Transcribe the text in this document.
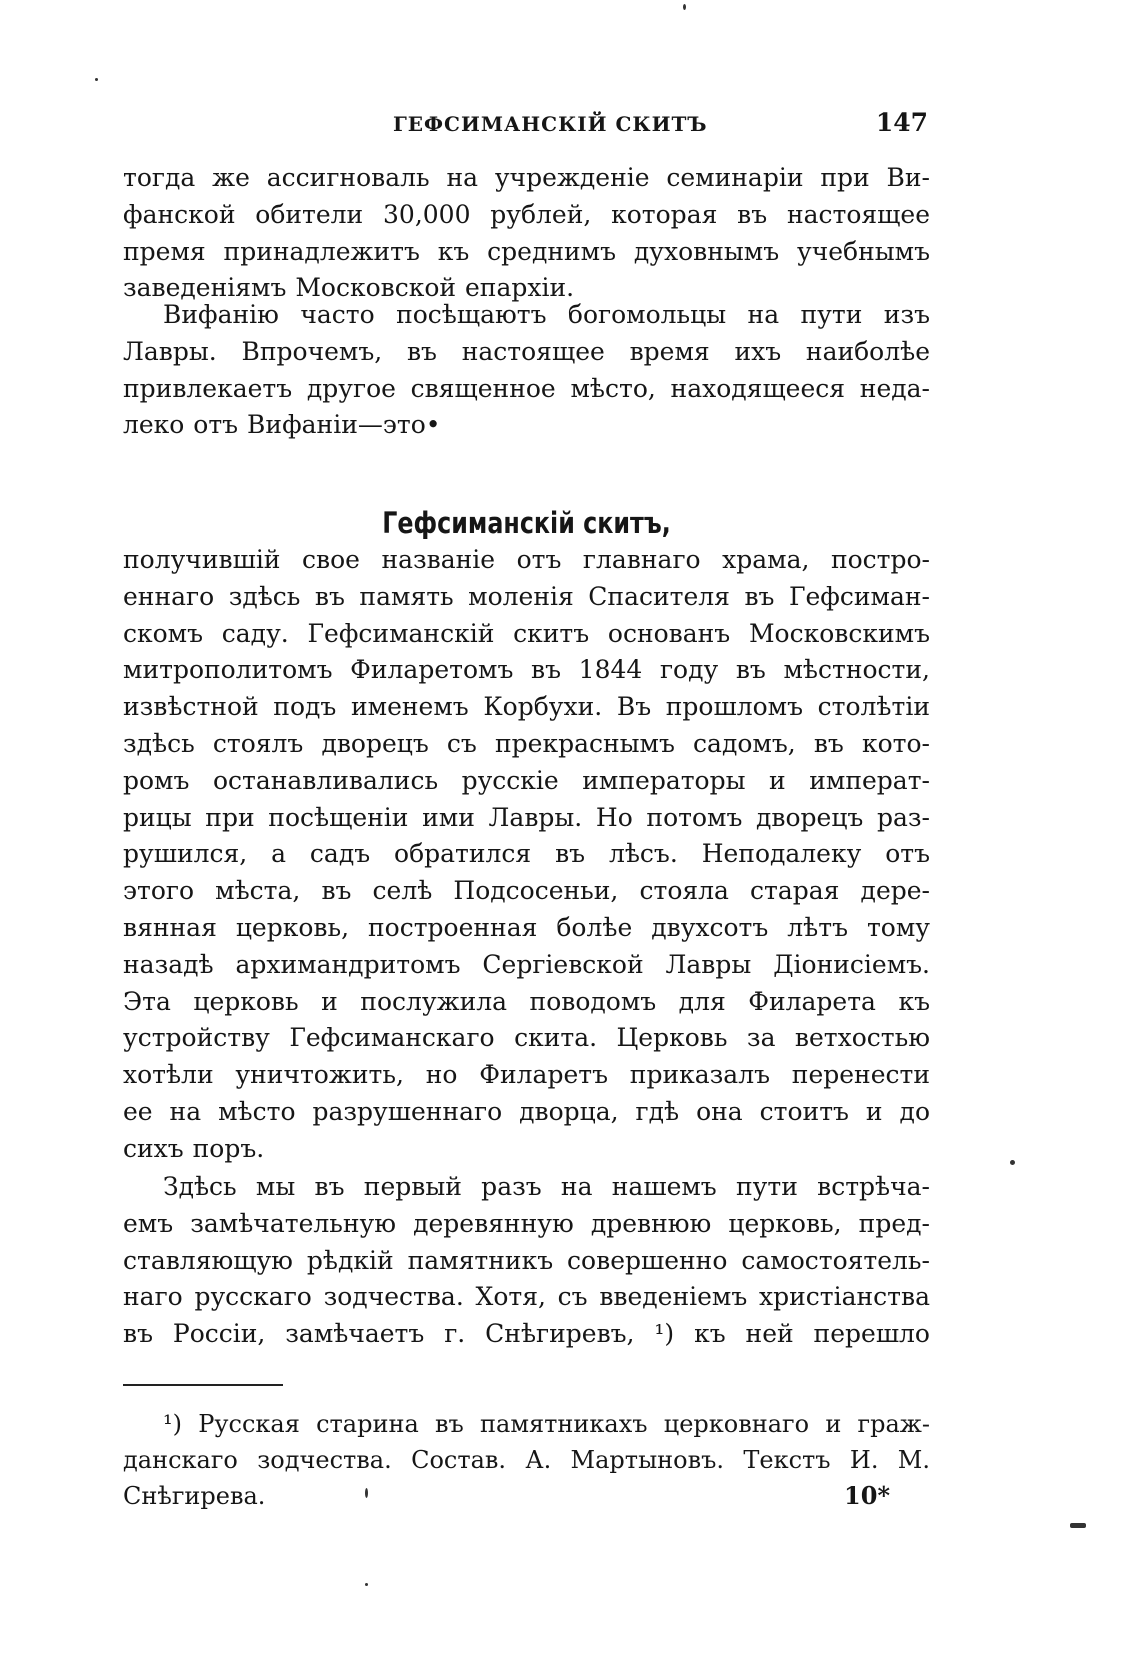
ГЕФСИМАНСКІЙ СКИТЪ	147
тогда же ассигноваль на учрежденіе семинаріи при Ви-
фанской обители 30,000 рублей, которая въ настоящее
премя принадлежитъ къ среднимъ духовнымъ учебнымъ
заведеніямъ Московской епархіи.
Вифанію часто посѣщаютъ богомольцы на пути изъ
Лавры. Впрочемъ, въ настоящее время ихъ наиболѣе
привлекаетъ другое священное мѣсто, находящееся неда-
леко отъ Вифаніи—это•
Гефсиманскій скитъ,
получившій свое названіе отъ главнаго храма, постро-
еннаго здѣсь въ память моленія Спасителя въ Гефсиман-
скомъ саду. Гефсиманскій скитъ основанъ Московскимъ
митрополитомъ Филаретомъ въ 1844 году въ мѣстности,
извѣстной подъ именемъ Корбухи. Въ прошломъ столѣтіи
здѣсь стоялъ дворецъ съ прекраснымъ садомъ, въ кото-
ромъ останавливались русскіе императоры и императ-
рицы при посѣщеніи ими Лавры. Но потомъ дворецъ раз-
рушился, а садъ обратился въ лѣсъ. Неподалеку отъ
этого мѣста, въ селѣ Подсосеньи, стояла старая дере-
вянная церковь, построенная болѣе двухсотъ лѣтъ тому
назадѣ архимандритомъ Сергіевской Лавры Діонисіемъ.
Эта церковь и послужила поводомъ для Филарета къ
устройству Гефсиманскаго скита. Церковь за ветхостью
хотѣли уничтожить, но Филаретъ приказалъ перенести
ее на мѣсто разрушеннаго дворца, гдѣ она стоитъ и до
сихъ поръ.
Здѣсь мы въ первый разъ на нашемъ пути встрѣча-
емъ замѣчательную деревянную древнюю церковь, пред-
ставляющую рѣдкій памятникъ совершенно самостоятель-
наго русскаго зодчества. Хотя, съ введеніемъ христіанства
въ Россіи, замѣчаетъ г. Снѣгиревъ, ¹) къ ней перешло
¹) Русская старина въ памятникахъ церковнаго и граж-
данскаго зодчества. Состав. А. Мартыновъ. Текстъ И. М.
Снѣгирева.	10*
